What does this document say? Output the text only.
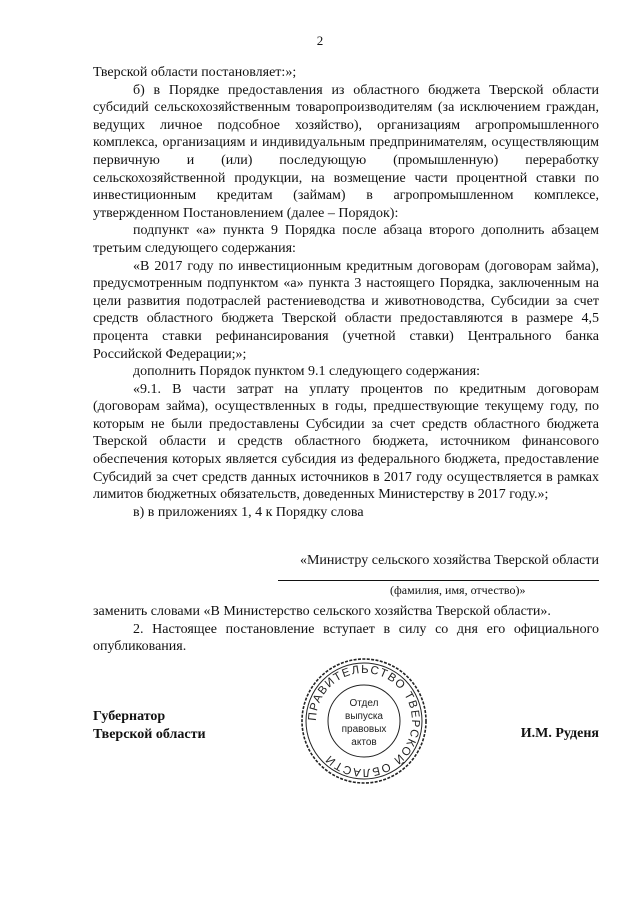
2

Тверской области постановляет:»;

б) в Порядке предоставления из областного бюджета Тверской области субсидий сельскохозяйственным товаропроизводителям (за исключением граждан, ведущих личное подсобное хозяйство), организациям агропромышленного комплекса, организациям и индивидуальным предпринимателям, осуществляющим первичную и (или) последующую (промышленную) переработку сельскохозяйственной продукции, на возмещение части процентной ставки по инвестиционным кредитам (займам) в агропромышленном комплексе, утвержденном Постановлением (далее – Порядок):

подпункт «а» пункта 9 Порядка после абзаца второго дополнить абзацем третьим следующего содержания:

«В 2017 году по инвестиционным кредитным договорам (договорам займа), предусмотренным подпунктом «а» пункта 3 настоящего Порядка, заключенным на цели развития подотраслей растениеводства и животноводства, Субсидии за счет средств областного бюджета Тверской области предоставляются в размере 4,5 процента ставки рефинансирования (учетной ставки) Центрального банка Российской Федерации;»;

дополнить Порядок пунктом 9.1 следующего содержания:

«9.1. В части затрат на уплату процентов по кредитным договорам (договорам займа), осуществленных в годы, предшествующие текущему году, по которым не были предоставлены Субсидии за счет средств областного бюджета Тверской области и средств областного бюджета, источником финансового обеспечения которых является субсидия из федерального бюджета, предоставление Субсидий за счет средств данных источников в 2017 году осуществляется в рамках лимитов бюджетных обязательств, доведенных Министерству в 2017 году.»;

в) в приложениях 1, 4 к Порядку слова

«Министру сельского хозяйства Тверской области
(фамилия, имя, отчество)»

заменить словами «В Министерство сельского хозяйства Тверской области».

2. Настоящее постановление вступает в силу со дня его официального опубликования.

Губернатор
Тверской области	И.М. Руденя
ПРАВИТЕЛЬСТВО ТВЕРСКОЙ ОБЛАСТИ
Отдел
выпуска
правовых
актов
